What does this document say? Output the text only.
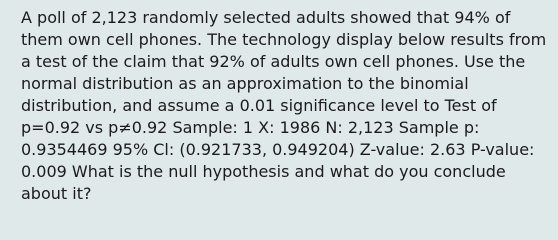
A poll of 2,123 randomly selected adults showed that 94% of them own cell phones. The technology display below results from a test of the claim that 92% of adults own cell phones. Use the normal distribution as an approximation to the binomial distribution, and assume a 0.01 significance level to Test of p=0.92 vs p≠0.92 Sample: 1 X: 1986 N: 2,123 Sample p: 0.9354469 95% Cl: (0.921733, 0.949204) Z-value: 2.63 P-value: 0.009 What is the null hypothesis and what do you conclude about it?
